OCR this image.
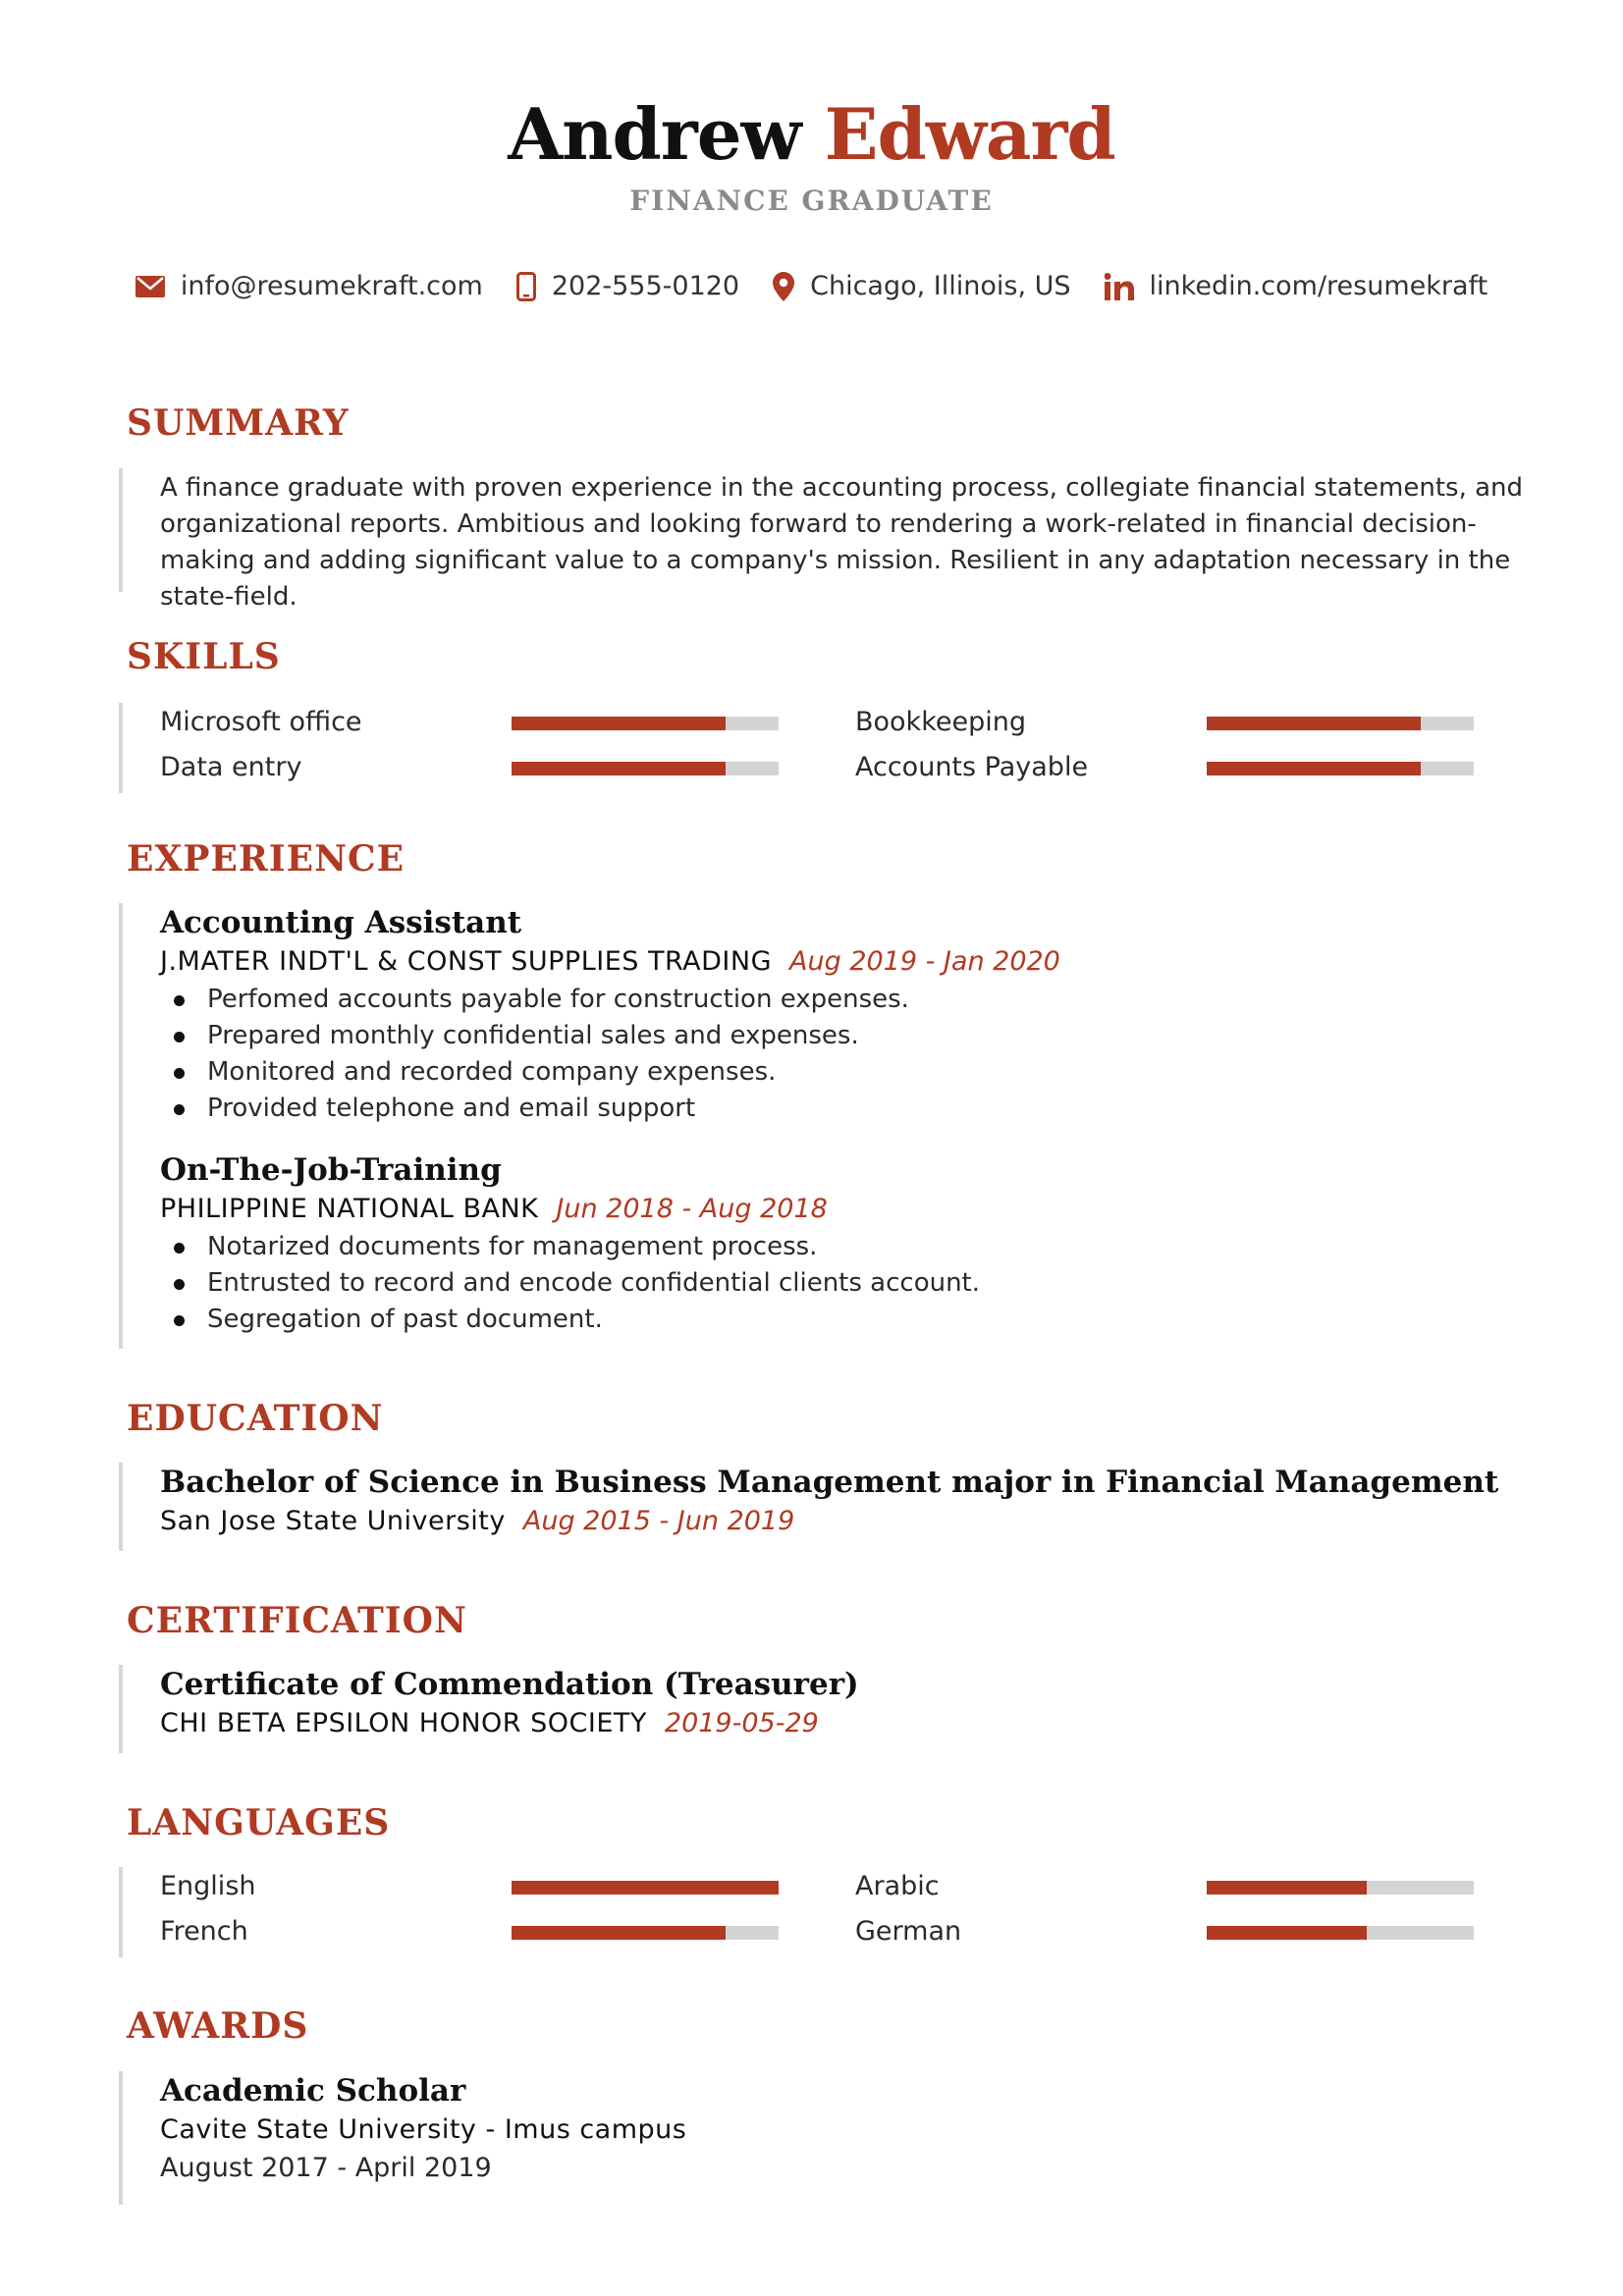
Andrew Edward
FINANCE GRADUATE
info@resumekraft.com	202-555-0120	Chicago, Illinois, US	linkedin.com/resumekraft
SUMMARY

A finance graduate with proven experience in the accounting process, collegiate financial statements, and organizational reports. Ambitious and looking forward to rendering a work-related in financial decision-making and adding significant value to a company's mission. Resilient in any adaptation necessary in the state-field.

SKILLS
Microsoft office	Bookkeeping
Data entry	Accounts Payable
EXPERIENCE
Accounting Assistant
J.MATER INDT'L & CONST SUPPLIES TRADING Aug 2019 - Jan 2020
Perfomed accounts payable for construction expenses.
Prepared monthly confidential sales and expenses.
Monitored and recorded company expenses.
Provided telephone and email support
On-The-Job-Training
PHILIPPINE NATIONAL BANK Jun 2018 - Aug 2018
Notarized documents for management process.
Entrusted to record and encode confidential clients account.
Segregation of past document.
EDUCATION
Bachelor of Science in Business Management major in Financial Management
San Jose State University Aug 2015 - Jun 2019
CERTIFICATION
Certificate of Commendation (Treasurer)
CHI BETA EPSILON HONOR SOCIETY 2019-05-29
LANGUAGES
English	Arabic
French	German
AWARDS
Academic Scholar
Cavite State University - Imus campus
August 2017 - April 2019
